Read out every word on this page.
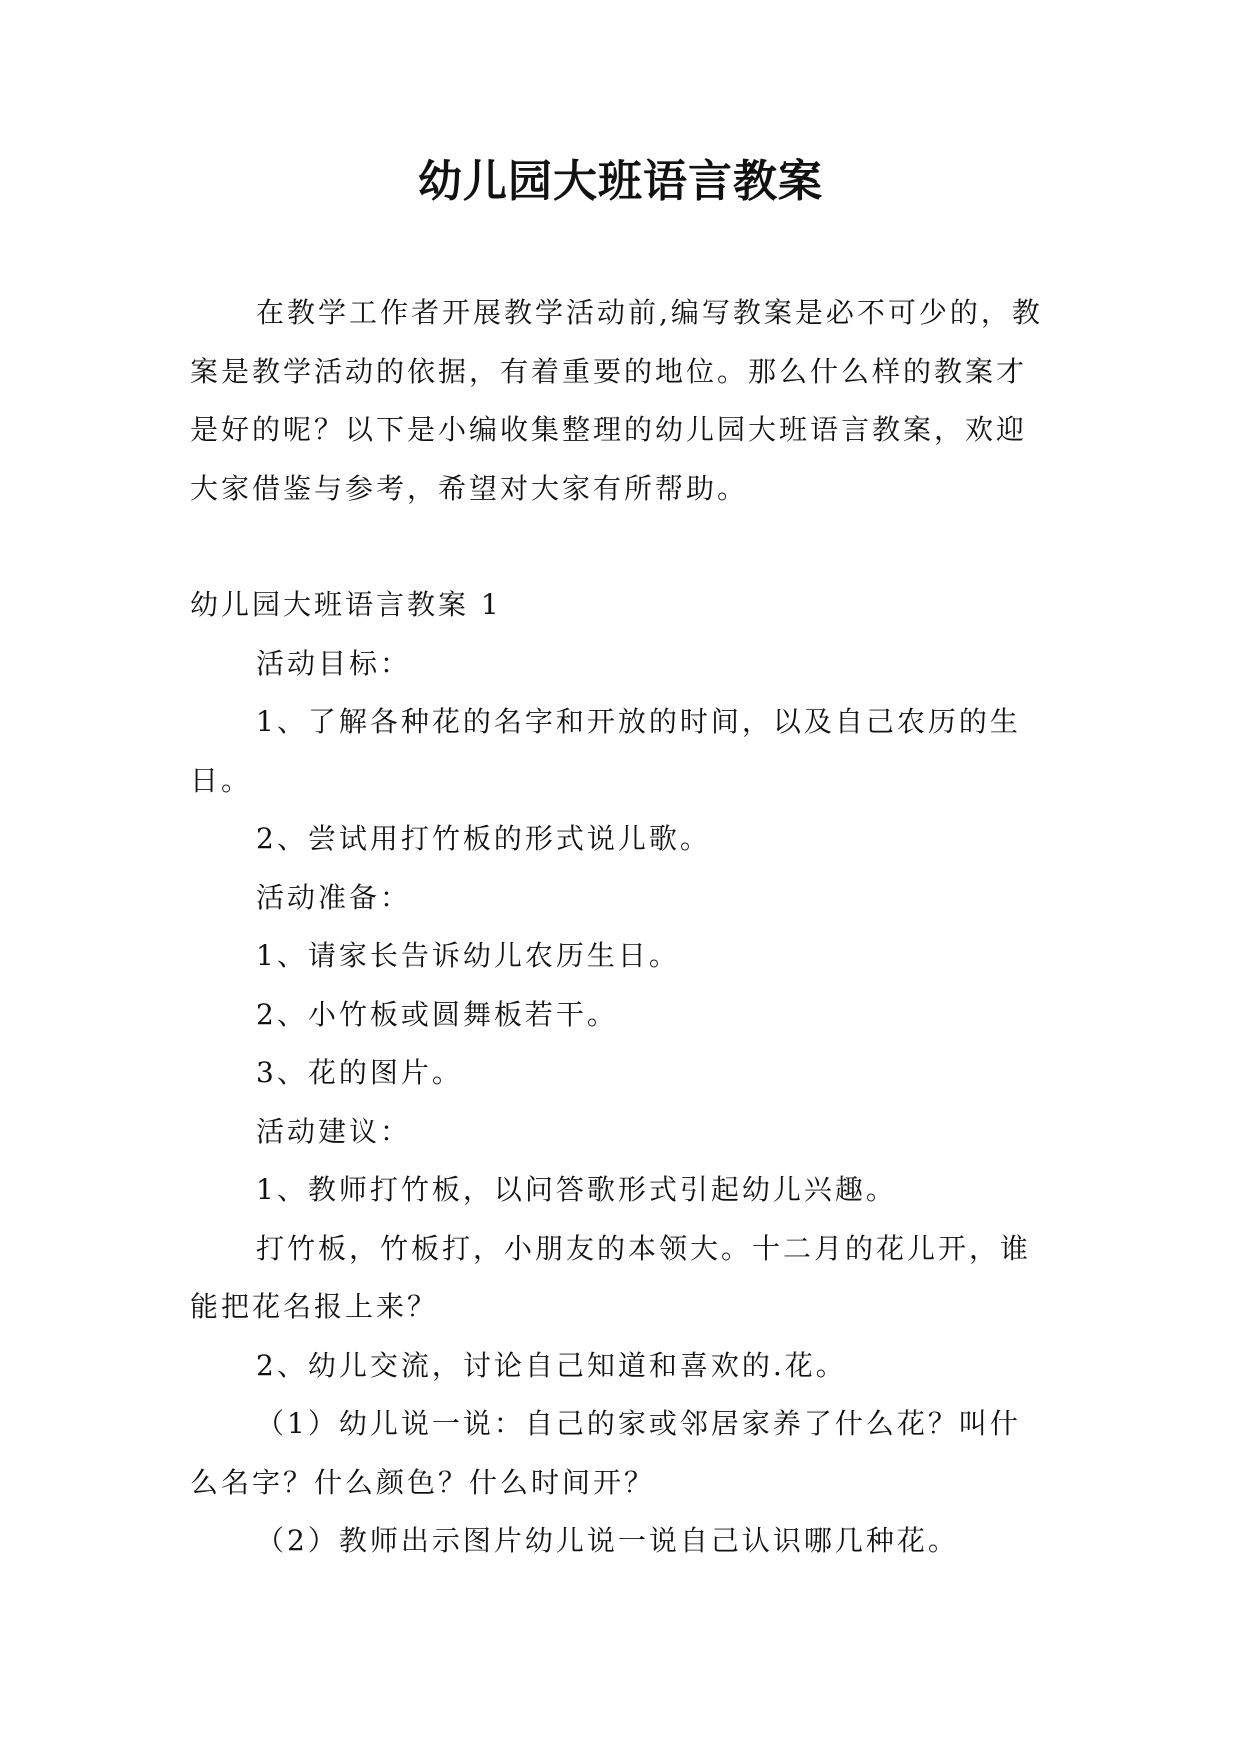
幼儿园大班语言教案

在教学工作者开展教学活动前,编写教案是必不可少的，教案是教学活动的依据，有着重要的地位。那么什么样的教案才是好的呢？以下是小编收集整理的幼儿园大班语言教案，欢迎大家借鉴与参考，希望对大家有所帮助。

幼儿园大班语言教案 1

活动目标：

1、了解各种花的名字和开放的时间，以及自己农历的生日。

2、尝试用打竹板的形式说儿歌。

活动准备：

1、请家长告诉幼儿农历生日。

2、小竹板或圆舞板若干。

3、花的图片。

活动建议：

1、教师打竹板，以问答歌形式引起幼儿兴趣。

打竹板，竹板打，小朋友的本领大。十二月的花儿开，谁能把花名报上来？

2、幼儿交流，讨论自己知道和喜欢的.花。

（1）幼儿说一说：自己的家或邻居家养了什么花？叫什么名字？什么颜色？什么时间开？

（2）教师出示图片幼儿说一说自己认识哪几种花。
